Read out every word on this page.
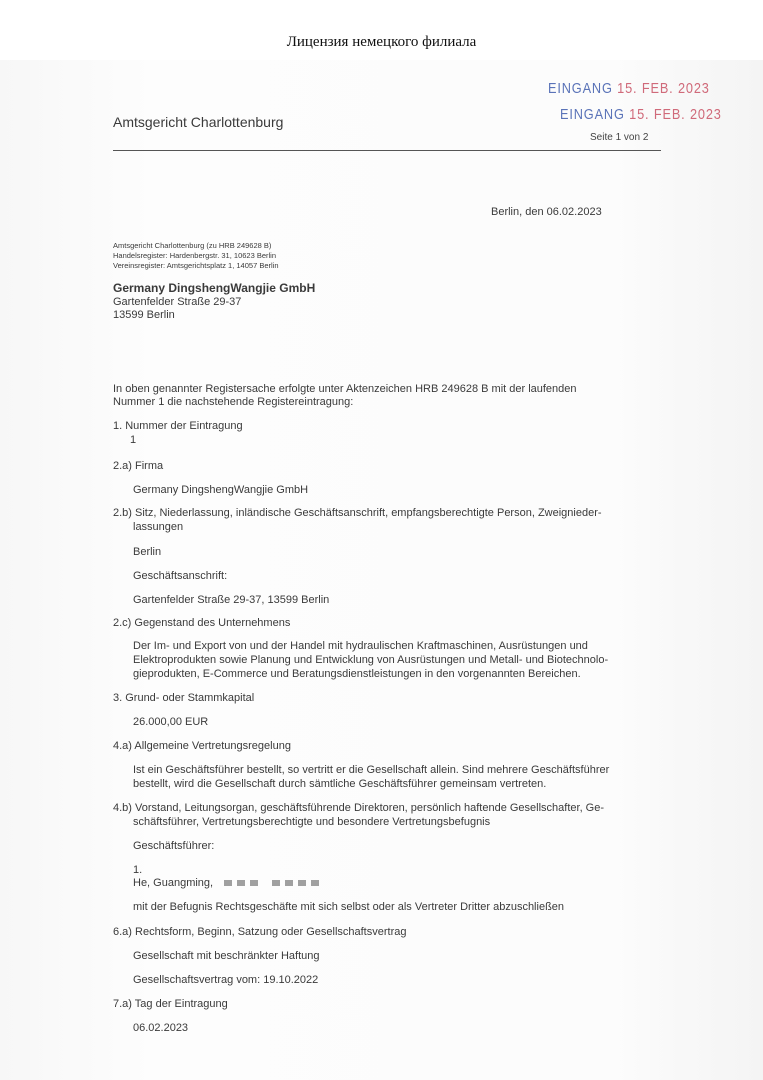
Лицензия немецкого филиала
EINGANG 15. FEB. 2023
EINGANG 15. FEB. 2023
Seite 1 von 2
Amtsgericht Charlottenburg
Berlin, den 06.02.2023
Amtsgericht Charlottenburg (zu HRB 249628 B)
Handelsregister: Hardenbergstr. 31, 10623 Berlin
Vereinsregister: Amtsgerichtsplatz 1, 14057 Berlin
Germany DingshengWangjie GmbH
Gartenfelder Straße 29-37
13599 Berlin
In oben genannter Registersache erfolgte unter Aktenzeichen HRB 249628 B mit der laufenden
Nummer 1 die nachstehende Registereintragung:
1. Nummer der Eintragung
1
2.a) Firma
Germany DingshengWangjie GmbH
2.b) Sitz, Niederlassung, inländische Geschäftsanschrift, empfangsberechtigte Person, Zweignieder-
lassungen
Berlin
Geschäftsanschrift:
Gartenfelder Straße 29-37, 13599 Berlin
2.c) Gegenstand des Unternehmens
Der Im- und Export von und der Handel mit hydraulischen Kraftmaschinen, Ausrüstungen und
Elektroprodukten sowie Planung und Entwicklung von Ausrüstungen und Metall- und Biotechnolo-
gieprodukten, E-Commerce und Beratungsdienstleistungen in den vorgenannten Bereichen.
3. Grund- oder Stammkapital
26.000,00 EUR
4.a) Allgemeine Vertretungsregelung
Ist ein Geschäftsführer bestellt, so vertritt er die Gesellschaft allein. Sind mehrere Geschäftsführer
bestellt, wird die Gesellschaft durch sämtliche Geschäftsführer gemeinsam vertreten.
4.b) Vorstand, Leitungsorgan, geschäftsführende Direktoren, persönlich haftende Gesellschafter, Ge-
schäftsführer, Vertretungsberechtigte und besondere Vertretungsbefugnis
Geschäftsführer:
1.
He, Guangming,
mit der Befugnis Rechtsgeschäfte mit sich selbst oder als Vertreter Dritter abzuschließen
6.a) Rechtsform, Beginn, Satzung oder Gesellschaftsvertrag
Gesellschaft mit beschränkter Haftung
Gesellschaftsvertrag vom: 19.10.2022
7.a) Tag der Eintragung
06.02.2023
